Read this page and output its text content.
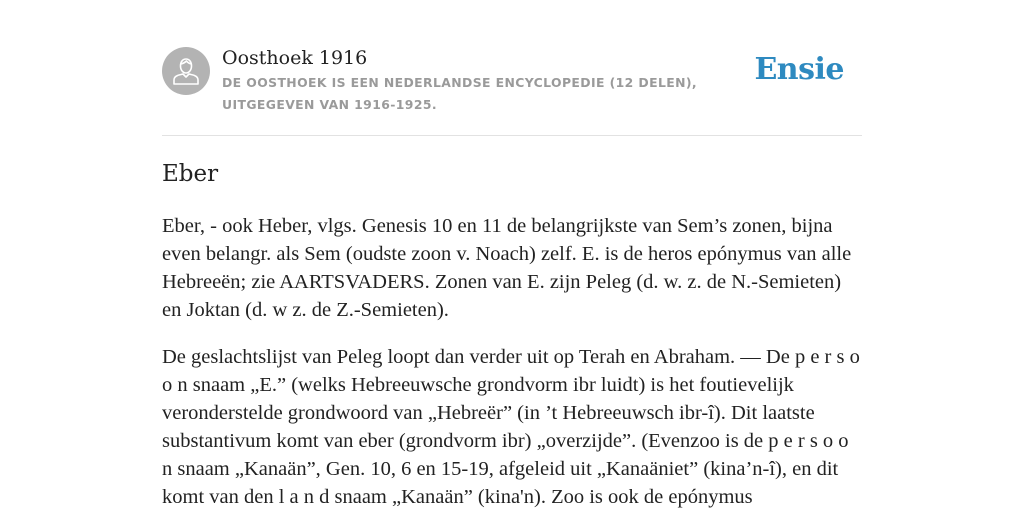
Oosthoek 1916
DE OOSTHOEK IS EEN NEDERLANDSE ENCYCLOPEDIE (12 DELEN), UITGEGEVEN VAN 1916-1925.
Ensie
Eber

Eber, - ook Heber, vlgs. Genesis 10 en 11 de belangrijkste van Sem’s zonen, bijna even belangr. als Sem (oudste zoon v. Noach) zelf. E. is de heros epónymus van alle Hebreeën; zie AARTSVADERS. Zonen van E. zijn Peleg (d. w. z. de N.-Semieten) en Joktan (d. w z. de Z.-Semieten).

De geslachtslijst van Peleg loopt dan verder uit op Terah en Abraham. — De p e r s o o n snaam „E.” (welks Hebreeuwsche grondvorm ibr luidt) is het foutievelijk veronderstelde grondwoord van „Hebreër” (in ’t Hebreeuwsch ibr-î). Dit laatste substantivum komt van eber (grondvorm ibr) „overzijde”. (Evenzoo is de p e r s o o n snaam „Kanaän”, Gen. 10, 6 en 15-19, afgeleid uit „Kanaäniet” (kina’n-î), en dit komt van den l a n d snaam „Kanaän” (kina'n). Zoo is ook de epónymus
